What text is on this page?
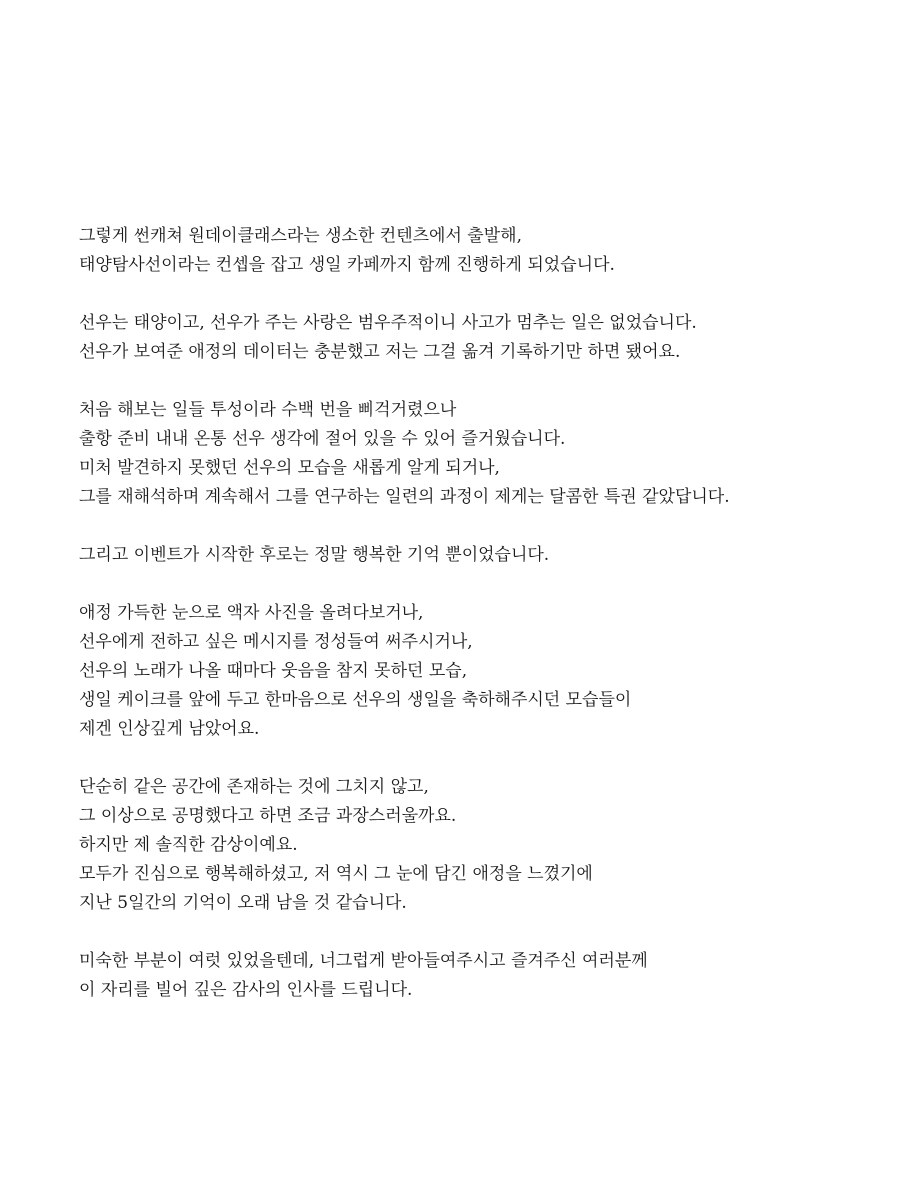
그렇게 썬캐쳐 원데이클래스라는 생소한 컨텐츠에서 출발해,
태양탐사선이라는 컨셉을 잡고 생일 카페까지 함께 진행하게 되었습니다.

선우는 태양이고, 선우가 주는 사랑은 범우주적이니 사고가 멈추는 일은 없었습니다.
선우가 보여준 애정의 데이터는 충분했고 저는 그걸 옮겨 기록하기만 하면 됐어요.

처음 해보는 일들 투성이라 수백 번을 삐걱거렸으나
출항 준비 내내 온통 선우 생각에 절어 있을 수 있어 즐거웠습니다.
미처 발견하지 못했던 선우의 모습을 새롭게 알게 되거나,
그를 재해석하며 계속해서 그를 연구하는 일련의 과정이 제게는 달콤한 특권 같았답니다.

그리고 이벤트가 시작한 후로는 정말 행복한 기억 뿐이었습니다.

애정 가득한 눈으로 액자 사진을 올려다보거나,
선우에게 전하고 싶은 메시지를 정성들여 써주시거나,
선우의 노래가 나올 때마다 웃음을 참지 못하던 모습,
생일 케이크를 앞에 두고 한마음으로 선우의 생일을 축하해주시던 모습들이
제겐 인상깊게 남았어요.

단순히 같은 공간에 존재하는 것에 그치지 않고,
그 이상으로 공명했다고 하면 조금 과장스러울까요.
하지만 제 솔직한 감상이예요.
모두가 진심으로 행복해하셨고, 저 역시 그 눈에 담긴 애정을 느꼈기에
지난 5일간의 기억이 오래 남을 것 같습니다.

미숙한 부분이 여럿 있었을텐데, 너그럽게 받아들여주시고 즐겨주신 여러분께
이 자리를 빌어 깊은 감사의 인사를 드립니다.
